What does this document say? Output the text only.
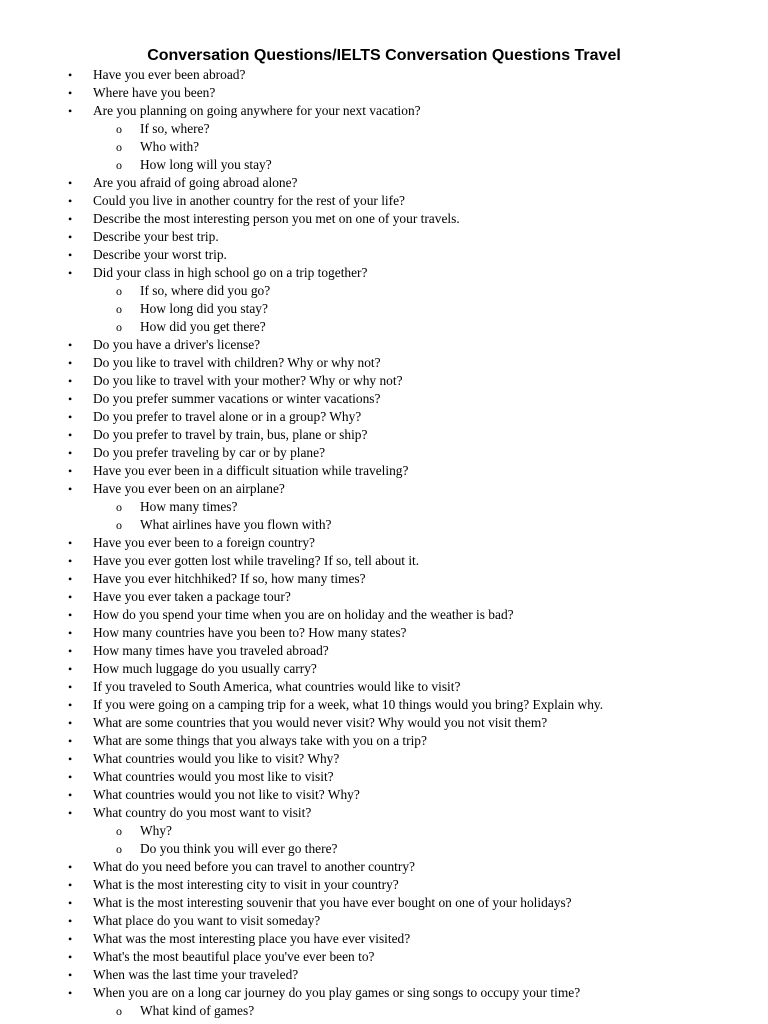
Conversation Questions/IELTS Conversation Questions Travel
• Have you ever been abroad?
• Where have you been?
• Are you planning on going anywhere for your next vacation?
o If so, where?
o Who with?
o How long will you stay?
• Are you afraid of going abroad alone?
• Could you live in another country for the rest of your life?
• Describe the most interesting person you met on one of your travels.
• Describe your best trip.
• Describe your worst trip.
• Did your class in high school go on a trip together?
o If so, where did you go?
o How long did you stay?
o How did you get there?
• Do you have a driver's license?
• Do you like to travel with children? Why or why not?
• Do you like to travel with your mother? Why or why not?
• Do you prefer summer vacations or winter vacations?
• Do you prefer to travel alone or in a group? Why?
• Do you prefer to travel by train, bus, plane or ship?
• Do you prefer traveling by car or by plane?
• Have you ever been in a difficult situation while traveling?
• Have you ever been on an airplane?
o How many times?
o What airlines have you flown with?
• Have you ever been to a foreign country?
• Have you ever gotten lost while traveling? If so, tell about it.
• Have you ever hitchhiked? If so, how many times?
• Have you ever taken a package tour?
• How do you spend your time when you are on holiday and the weather is bad?
• How many countries have you been to? How many states?
• How many times have you traveled abroad?
• How much luggage do you usually carry?
• If you traveled to South America, what countries would like to visit?
• If you were going on a camping trip for a week, what 10 things would you bring? Explain why.
• What are some countries that you would never visit? Why would you not visit them?
• What are some things that you always take with you on a trip?
• What countries would you like to visit? Why?
• What countries would you most like to visit?
• What countries would you not like to visit? Why?
• What country do you most want to visit?
o Why?
o Do you think you will ever go there?
• What do you need before you can travel to another country?
• What is the most interesting city to visit in your country?
• What is the most interesting souvenir that you have ever bought on one of your holidays?
• What place do you want to visit someday?
• What was the most interesting place you have ever visited?
• What's the most beautiful place you've ever been to?
• When was the last time your traveled?
• When you are on a long car journey do you play games or sing songs to occupy your time?
o What kind of games?
